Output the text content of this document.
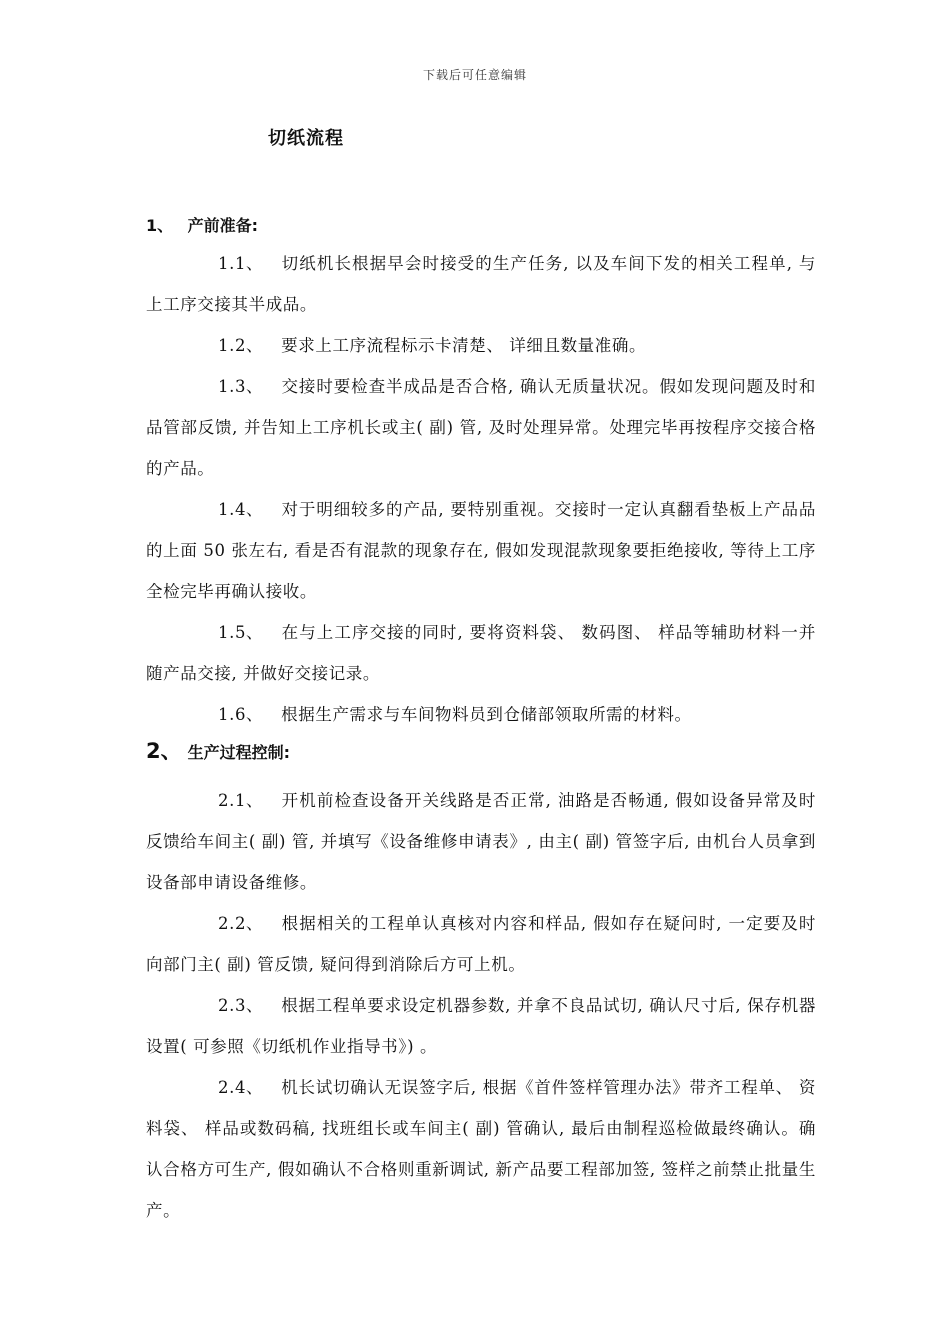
下载后可任意编辑
切纸流程
1、 产前准备:

1.1、 切纸机长根据早会时接受的生产任务, 以及车间下发的相关工程单, 与上工序交接其半成品。

1.2、 要求上工序流程标示卡清楚、 详细且数量准确。

1.3、 交接时要检查半成品是否合格, 确认无质量状况。假如发现问题及时和品管部反馈, 并告知上工序机长或主( 副) 管, 及时处理异常。处理完毕再按程序交接合格的产品。

1.4、 对于明细较多的产品, 要特别重视。交接时一定认真翻看垫板上产品品的上面 50 张左右, 看是否有混款的现象存在, 假如发现混款现象要拒绝接收, 等待上工序全检完毕再确认接收。

1.5、 在与上工序交接的同时, 要将资料袋、 数码图、 样品等辅助材料一并随产品交接, 并做好交接记录。

1.6、 根据生产需求与车间物料员到仓储部领取所需的材料。

2、 生产过程控制:

2.1、 开机前检查设备开关线路是否正常, 油路是否畅通, 假如设备异常及时反馈给车间主( 副) 管, 并填写《设备维修申请表》, 由主( 副) 管签字后, 由机台人员拿到设备部申请设备维修。

2.2、 根据相关的工程单认真核对内容和样品, 假如存在疑问时, 一定要及时向部门主( 副) 管反馈, 疑问得到消除后方可上机。

2.3、 根据工程单要求设定机器参数, 并拿不良品试切, 确认尺寸后, 保存机器设置( 可参照《切纸机作业指导书》) 。

2.4、 机长试切确认无误签字后, 根据《首件签样管理办法》带齐工程单、 资料袋、 样品或数码稿, 找班组长或车间主( 副) 管确认, 最后由制程巡检做最终确认。确认合格方可生产, 假如确认不合格则重新调试, 新产品要工程部加签, 签样之前禁止批量生产。
